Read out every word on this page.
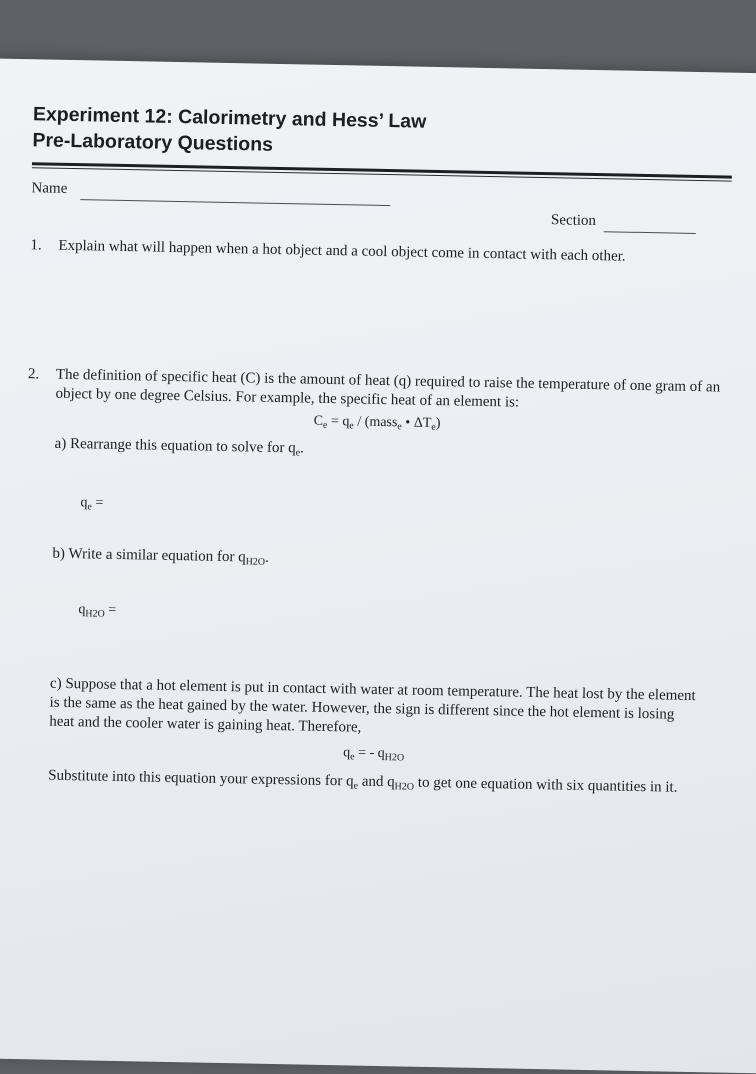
Experiment 12: Calorimetry and Hess’ Law
Pre-Laboratory Questions
Name
Section
1. Explain what will happen when a hot object and a cool object come in contact with each other.
2. The definition of specific heat (C) is the amount of heat (q) required to raise the temperature of one gram of an object by one degree Celsius. For example, the specific heat of an element is:
$C_e = q_e$ / (mass$_e$ • $\Delta T_e$)
a) Rearrange this equation to solve for $q_e$.
$q_e$ =
b) Write a similar equation for $q_{H2O}$.
$q_{H2O}$ =
c) Suppose that a hot element is put in contact with water at room temperature. The heat lost by the element is the same as the heat gained by the water. However, the sign is different since the hot element is losing heat and the cooler water is gaining heat. Therefore,
$q_e$ = - $q_{H2O}$
Substitute into this equation your expressions for $q_e$ and $q_{H2O}$ to get one equation with six quantities in it.
